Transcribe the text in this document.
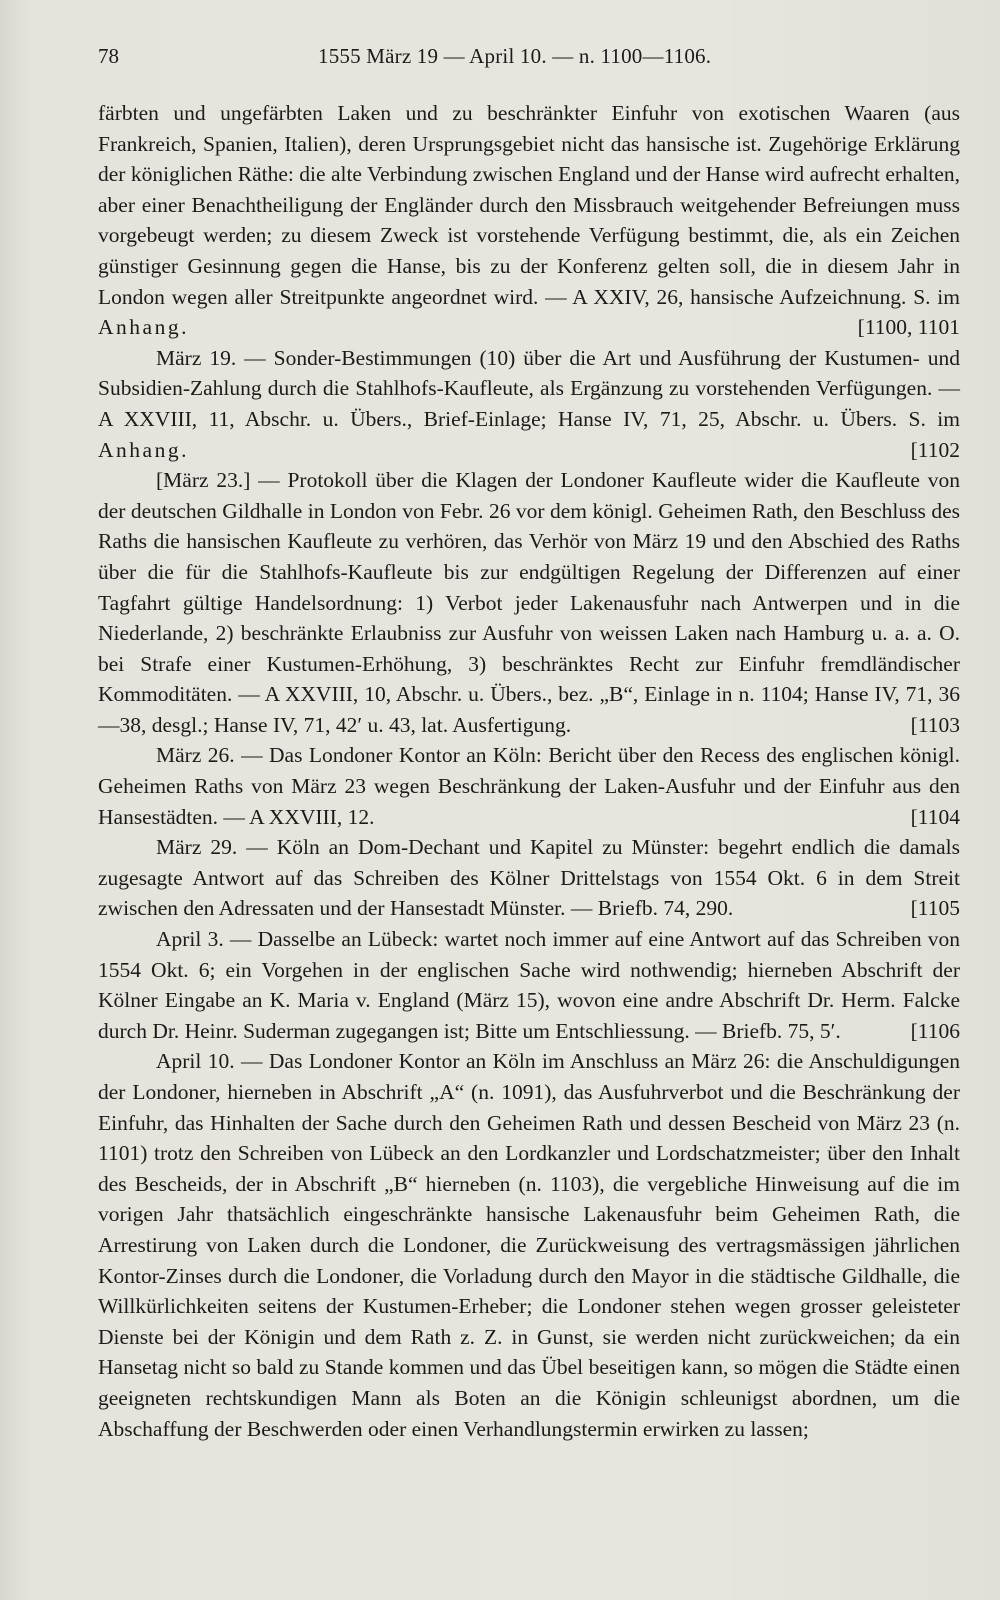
78	1555 März 19 — April 10. — n. 1100—1106.

färbten und ungefärbten Laken und zu beschränkter Einfuhr von exotischen Waaren (aus Frankreich, Spanien, Italien), deren Ursprungsgebiet nicht das hansische ist. Zugehörige Erklärung der königlichen Räthe: die alte Verbindung zwischen England und der Hanse wird aufrecht erhalten, aber einer Benachtheiligung der Engländer durch den Missbrauch weitgehender Befreiungen muss vorgebeugt werden; zu diesem Zweck ist vorstehende Verfügung bestimmt, die, als ein Zeichen günstiger Gesinnung gegen die Hanse, bis zu der Konferenz gelten soll, die in diesem Jahr in London wegen aller Streitpunkte angeordnet wird. — A XXIV, 26, hansische Aufzeichnung. S. im Anhang.	[1100, 1101

März 19. — Sonder-Bestimmungen (10) über die Art und Ausführung der Kustumen- und Subsidien-Zahlung durch die Stahlhofs-Kaufleute, als Ergänzung zu vorstehenden Verfügungen. — A XXVIII, 11, Abschr. u. Übers., Brief-Einlage; Hanse IV, 71, 25, Abschr. u. Übers. S. im Anhang.	[1102

[März 23.] — Protokoll über die Klagen der Londoner Kaufleute wider die Kaufleute von der deutschen Gildhalle in London von Febr. 26 vor dem königl. Geheimen Rath, den Beschluss des Raths die hansischen Kaufleute zu verhören, das Verhör von März 19 und den Abschied des Raths über die für die Stahlhofs-Kaufleute bis zur endgültigen Regelung der Differenzen auf einer Tagfahrt gültige Handelsordnung: 1) Verbot jeder Lakenausfuhr nach Antwerpen und in die Niederlande, 2) beschränkte Erlaubniss zur Ausfuhr von weissen Laken nach Hamburg u. a. a. O. bei Strafe einer Kustumen-Erhöhung, 3) beschränktes Recht zur Einfuhr fremdländischer Kommoditäten. — A XXVIII, 10, Abschr. u. Übers., bez. „B“, Einlage in n. 1104; Hanse IV, 71, 36—38, desgl.; Hanse IV, 71, 42′ u. 43, lat. Ausfertigung.	[1103

März 26. — Das Londoner Kontor an Köln: Bericht über den Recess des englischen königl. Geheimen Raths von März 23 wegen Beschränkung der Laken-Ausfuhr und der Einfuhr aus den Hansestädten. — A XXVIII, 12.	[1104

März 29. — Köln an Dom-Dechant und Kapitel zu Münster: begehrt endlich die damals zugesagte Antwort auf das Schreiben des Kölner Drittelstags von 1554 Okt. 6 in dem Streit zwischen den Adressaten und der Hansestadt Münster. — Briefb. 74, 290.	[1105

April 3. — Dasselbe an Lübeck: wartet noch immer auf eine Antwort auf das Schreiben von 1554 Okt. 6; ein Vorgehen in der englischen Sache wird nothwendig; hierneben Abschrift der Kölner Eingabe an K. Maria v. England (März 15), wovon eine andre Abschrift Dr. Herm. Falcke durch Dr. Heinr. Suderman zugegangen ist; Bitte um Entschliessung. — Briefb. 75, 5′.	[1106

April 10. — Das Londoner Kontor an Köln im Anschluss an März 26: die Anschuldigungen der Londoner, hierneben in Abschrift „A“ (n. 1091), das Ausfuhrverbot und die Beschränkung der Einfuhr, das Hinhalten der Sache durch den Geheimen Rath und dessen Bescheid von März 23 (n. 1101) trotz den Schreiben von Lübeck an den Lordkanzler und Lordschatzmeister; über den Inhalt des Bescheids, der in Abschrift „B“ hierneben (n. 1103), die vergebliche Hinweisung auf die im vorigen Jahr thatsächlich eingeschränkte hansische Lakenausfuhr beim Geheimen Rath, die Arrestirung von Laken durch die Londoner, die Zurückweisung des vertragsmässigen jährlichen Kontor-Zinses durch die Londoner, die Vorladung durch den Mayor in die städtische Gildhalle, die Willkürlichkeiten seitens der Kustumen-Erheber; die Londoner stehen wegen grosser geleisteter Dienste bei der Königin und dem Rath z. Z. in Gunst, sie werden nicht zurückweichen; da ein Hansetag nicht so bald zu Stande kommen und das Übel beseitigen kann, so mögen die Städte einen geeigneten rechtskundigen Mann als Boten an die Königin schleunigst abordnen, um die Abschaffung der Beschwerden oder einen Verhandlungstermin erwirken zu lassen;
